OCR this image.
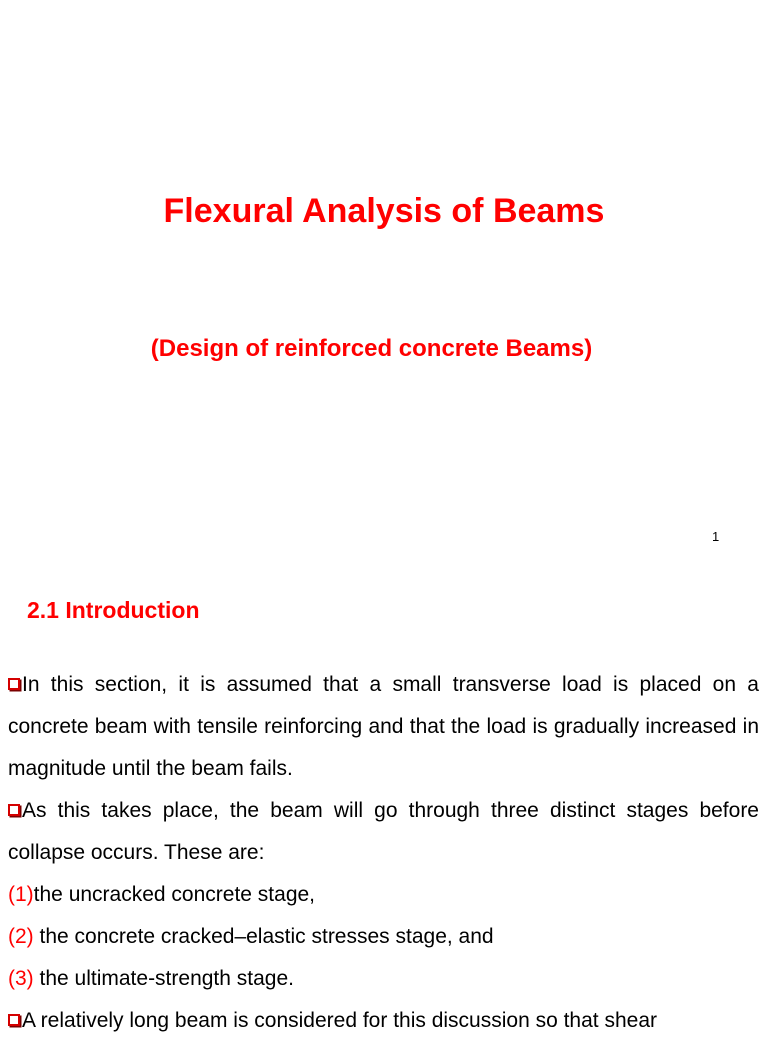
Flexural Analysis of Beams
(Design of reinforced concrete Beams)
1
2.1 Introduction

In this section, it is assumed that a small transverse load is placed on a concrete beam with tensile reinforcing and that the load is gradually increased in magnitude until the beam fails.

As this takes place, the beam will go through three distinct stages before collapse occurs. These are:

(1)the uncracked concrete stage,

(2) the concrete cracked–elastic stresses stage, and

(3) the ultimate-strength stage.

A relatively long beam is considered for this discussion so that shear
